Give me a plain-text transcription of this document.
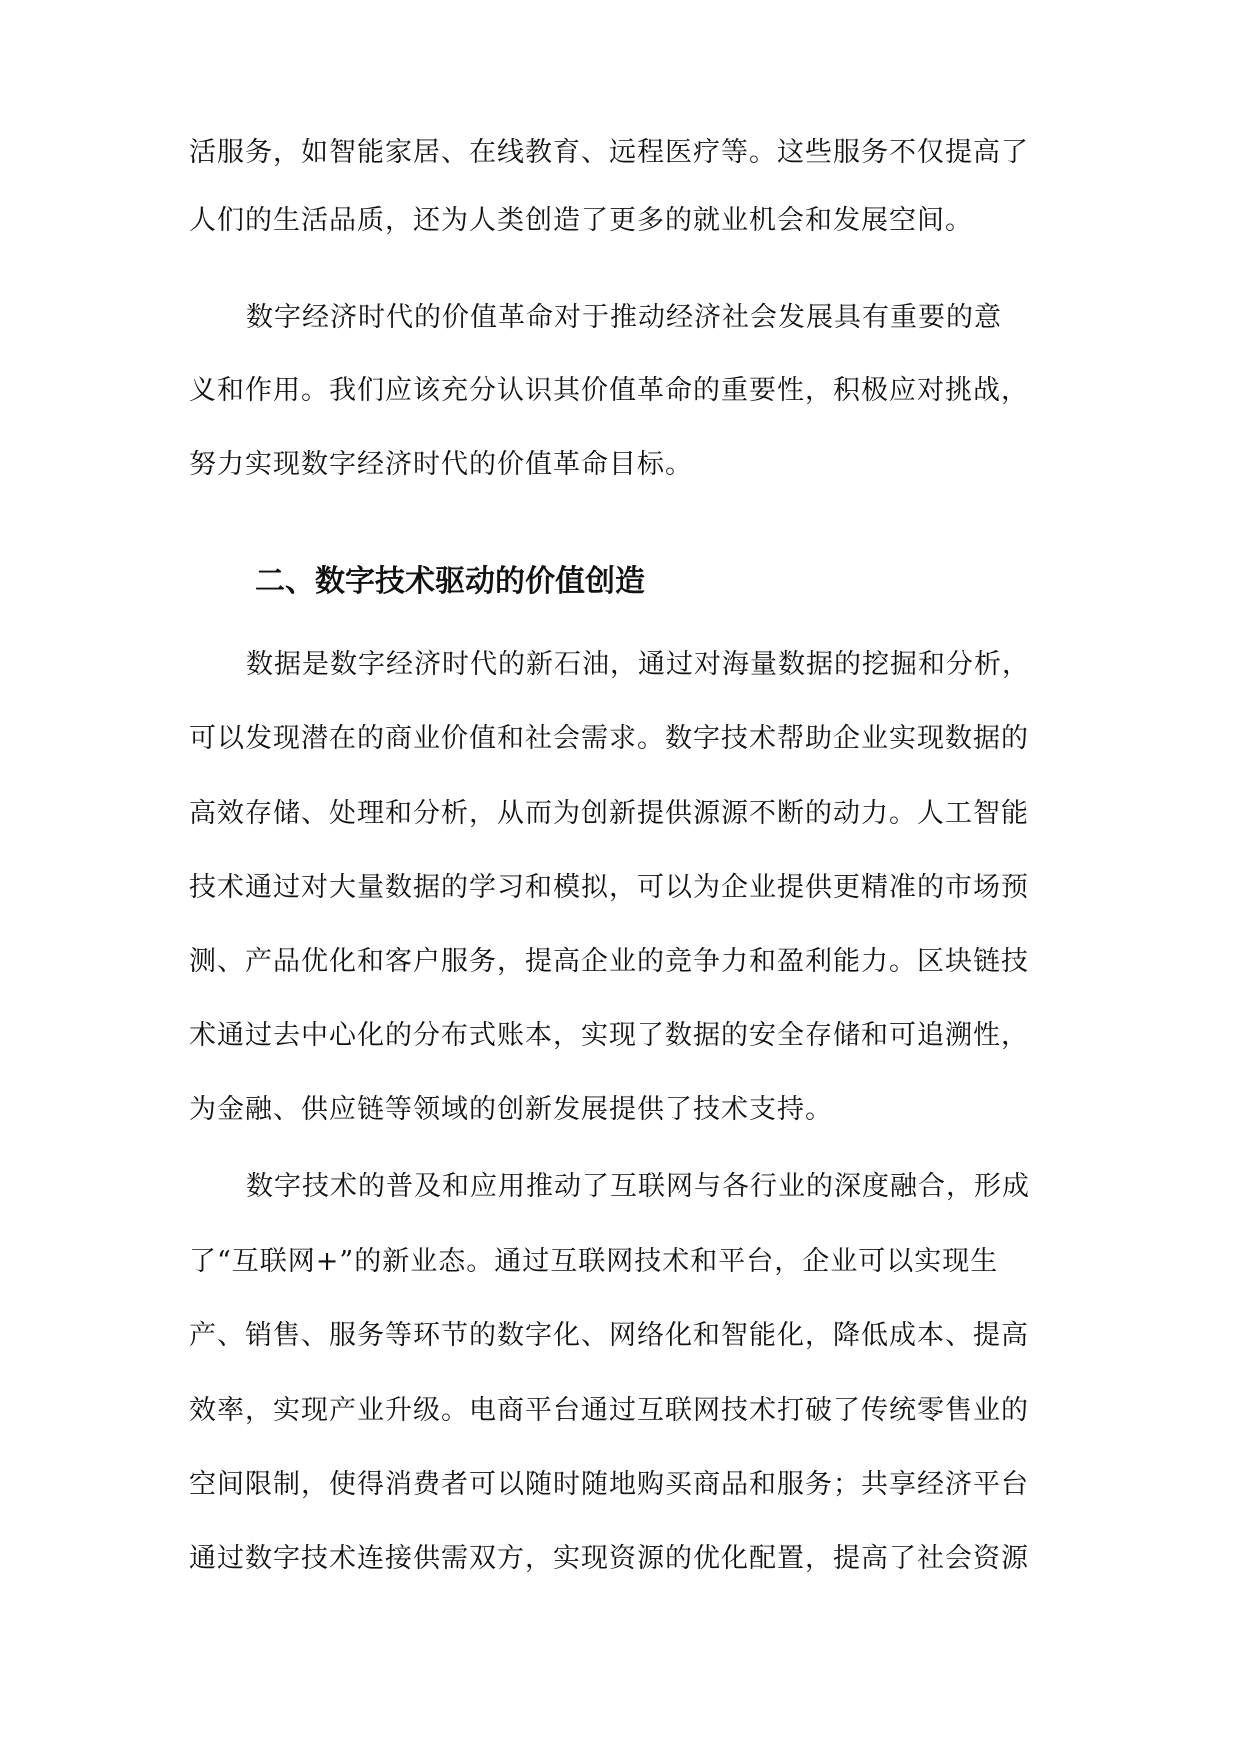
活服务，如智能家居、在线教育、远程医疗等。这些服务不仅提高了
人们的生活品质，还为人类创造了更多的就业机会和发展空间。
数字经济时代的价值革命对于推动经济社会发展具有重要的意
义和作用。我们应该充分认识其价值革命的重要性，积极应对挑战，
努力实现数字经济时代的价值革命目标。
二、数字技术驱动的价值创造
数据是数字经济时代的新石油，通过对海量数据的挖掘和分析，
可以发现潜在的商业价值和社会需求。数字技术帮助企业实现数据的
高效存储、处理和分析，从而为创新提供源源不断的动力。人工智能
技术通过对大量数据的学习和模拟，可以为企业提供更精准的市场预
测、产品优化和客户服务，提高企业的竞争力和盈利能力。区块链技
术通过去中心化的分布式账本，实现了数据的安全存储和可追溯性，
为金融、供应链等领域的创新发展提供了技术支持。
数字技术的普及和应用推动了互联网与各行业的深度融合，形成
了“互联网+”的新业态。通过互联网技术和平台，企业可以实现生
产、销售、服务等环节的数字化、网络化和智能化，降低成本、提高
效率，实现产业升级。电商平台通过互联网技术打破了传统零售业的
空间限制，使得消费者可以随时随地购买商品和服务；共享经济平台
通过数字技术连接供需双方，实现资源的优化配置，提高了社会资源
